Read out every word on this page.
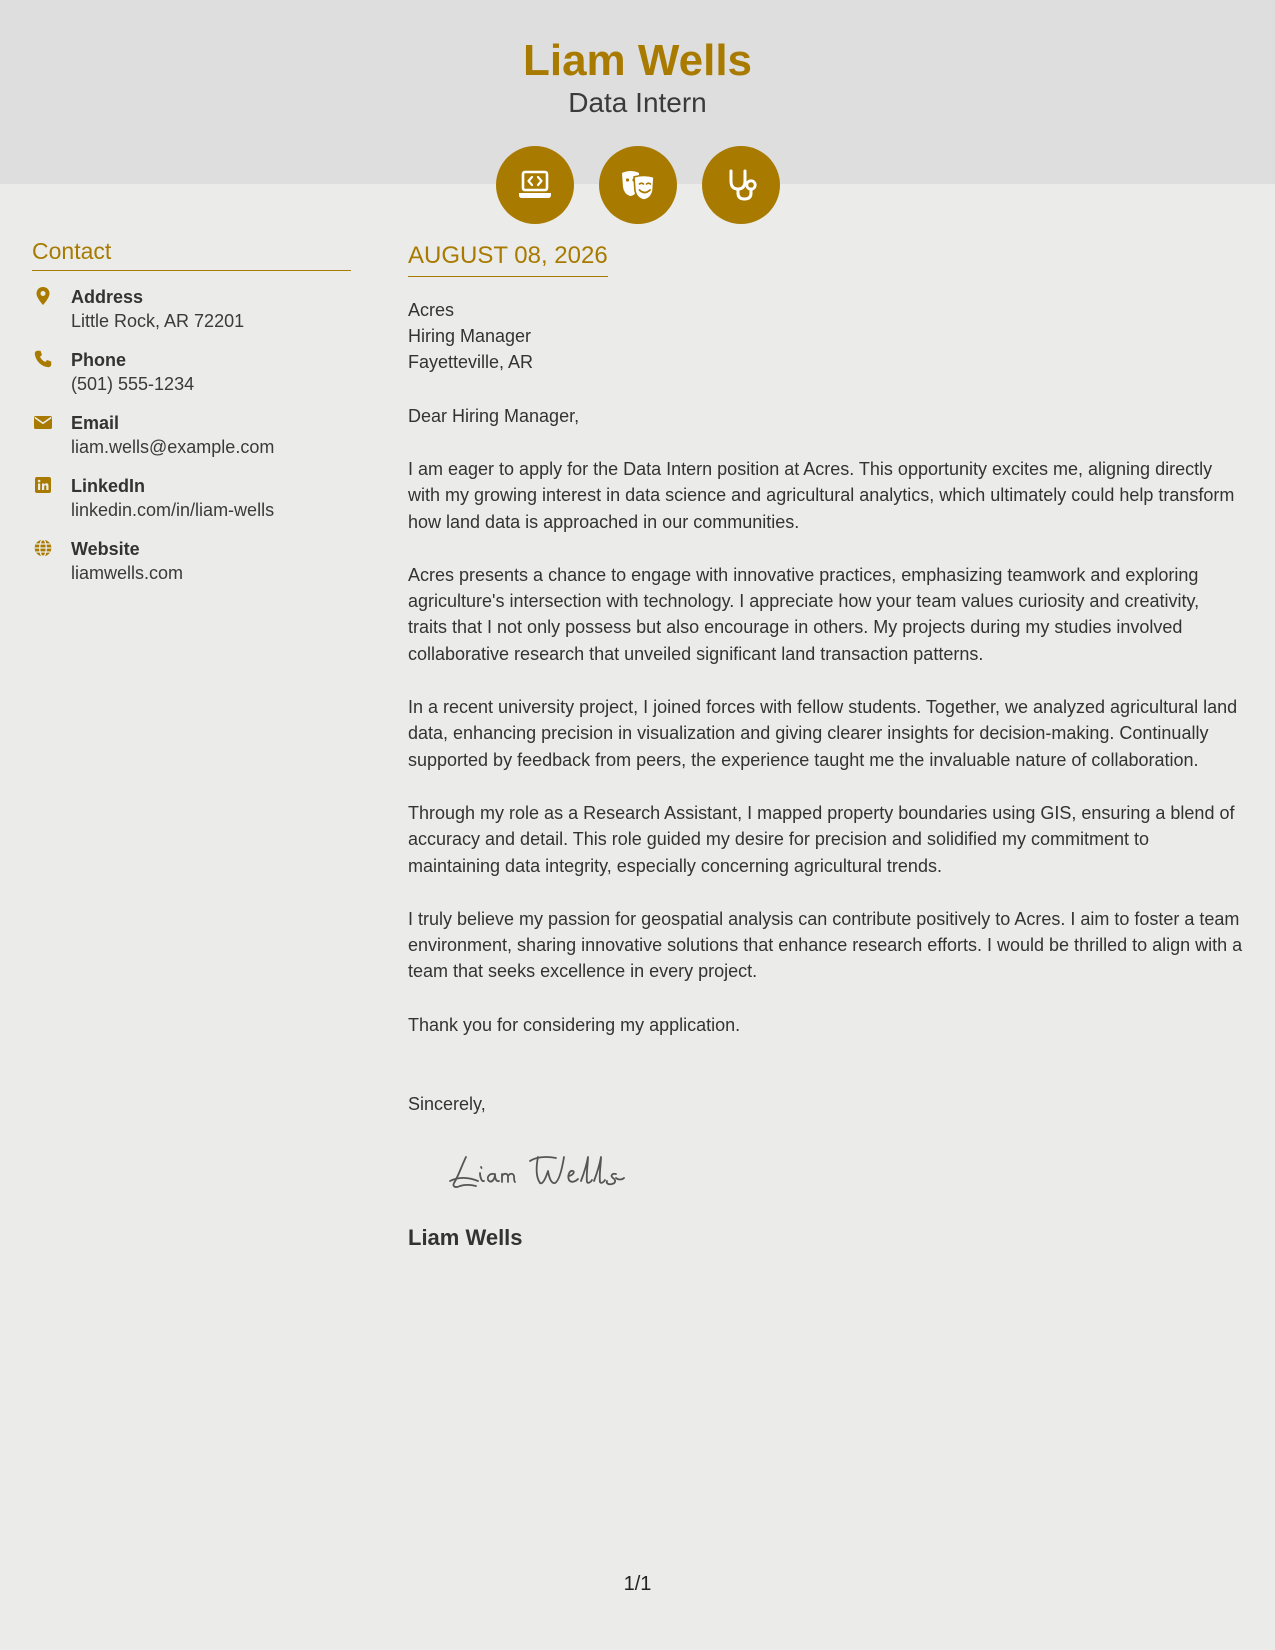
Liam Wells
Data Intern
Contact
Address
Little Rock, AR 72201
Phone
(501) 555-1234
Email
liam.wells@example.com
LinkedIn
linkedin.com/in/liam-wells
Website
liamwells.com
AUGUST 08, 2026
Acres
Hiring Manager
Fayetteville, AR
Dear Hiring Manager,
I am eager to apply for the Data Intern position at Acres. This opportunity excites me, aligning directly with my growing interest in data science and agricultural analytics, which ultimately could help transform how land data is approached in our communities.
Acres presents a chance to engage with innovative practices, emphasizing teamwork and exploring agriculture's intersection with technology. I appreciate how your team values curiosity and creativity, traits that I not only possess but also encourage in others. My projects during my studies involved collaborative research that unveiled significant land transaction patterns.
In a recent university project, I joined forces with fellow students. Together, we analyzed agricultural land data, enhancing precision in visualization and giving clearer insights for decision-making. Continually supported by feedback from peers, the experience taught me the invaluable nature of collaboration.
Through my role as a Research Assistant, I mapped property boundaries using GIS, ensuring a blend of accuracy and detail. This role guided my desire for precision and solidified my commitment to maintaining data integrity, especially concerning agricultural trends.
I truly believe my passion for geospatial analysis can contribute positively to Acres. I aim to foster a team environment, sharing innovative solutions that enhance research efforts. I would be thrilled to align with a team that seeks excellence in every project.
Thank you for considering my application.
Sincerely,
Liam Wells
1/1
